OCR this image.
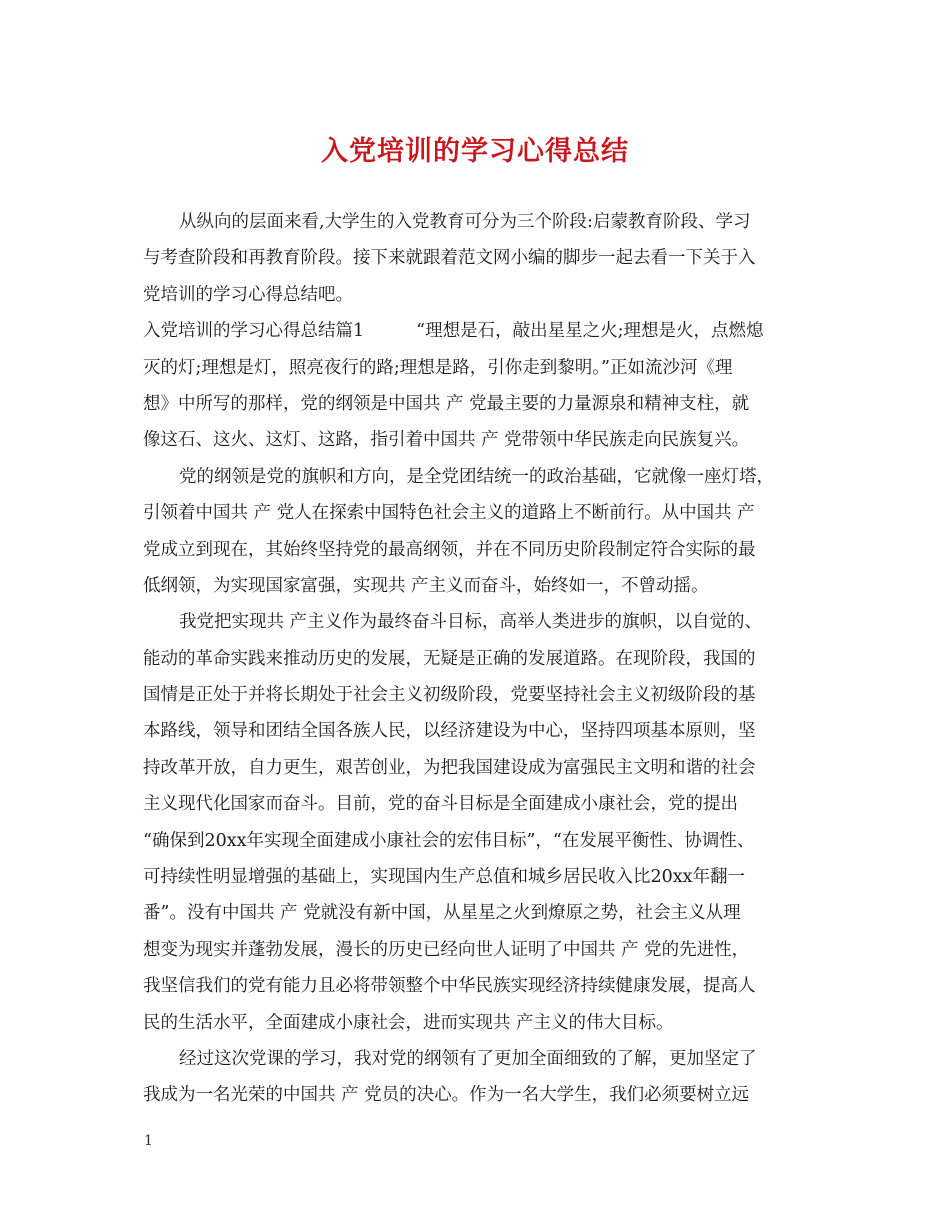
入党培训的学习心得总结
从纵向的层面来看,大学生的入党教育可分为三个阶段:启蒙教育阶段、学习
与考查阶段和再教育阶段。接下来就跟着范文网小编的脚步一起去看一下关于入
党培训的学习心得总结吧。
入党培训的学习心得总结篇1	“理想是石，敲出星星之火;理想是火，点燃熄
灭的灯;理想是灯，照亮夜行的路;理想是路，引你走到黎明。”正如流沙河《理
想》中所写的那样，党的纲领是中国共 产 党最主要的力量源泉和精神支柱，就
像这石、这火、这灯、这路，指引着中国共 产 党带领中华民族走向民族复兴。
党的纲领是党的旗帜和方向，是全党团结统一的政治基础，它就像一座灯塔，
引领着中国共 产 党人在探索中国特色社会主义的道路上不断前行。从中国共 产
党成立到现在，其始终坚持党的最高纲领，并在不同历史阶段制定符合实际的最
低纲领，为实现国家富强，实现共 产主义而奋斗，始终如一，不曾动摇。
我党把实现共 产主义作为最终奋斗目标，高举人类进步的旗帜，以自觉的、
能动的革命实践来推动历史的发展，无疑是正确的发展道路。在现阶段，我国的
国情是正处于并将长期处于社会主义初级阶段，党要坚持社会主义初级阶段的基
本路线，领导和团结全国各族人民，以经济建设为中心，坚持四项基本原则，坚
持改革开放，自力更生，艰苦创业，为把我国建设成为富强民主文明和谐的社会
主义现代化国家而奋斗。目前，党的奋斗目标是全面建成小康社会，党的提出
“确保到20xx年实现全面建成小康社会的宏伟目标”，“在发展平衡性、协调性、
可持续性明显增强的基础上，实现国内生产总值和城乡居民收入比20xx年翻一
番”。没有中国共 产 党就没有新中国，从星星之火到燎原之势，社会主义从理
想变为现实并蓬勃发展，漫长的历史已经向世人证明了中国共 产 党的先进性，
我坚信我们的党有能力且必将带领整个中华民族实现经济持续健康发展，提高人
民的生活水平，全面建成小康社会，进而实现共 产主义的伟大目标。
经过这次党课的学习，我对党的纲领有了更加全面细致的了解，更加坚定了
我成为一名光荣的中国共 产 党员的决心。作为一名大学生，我们必须要树立远
1
